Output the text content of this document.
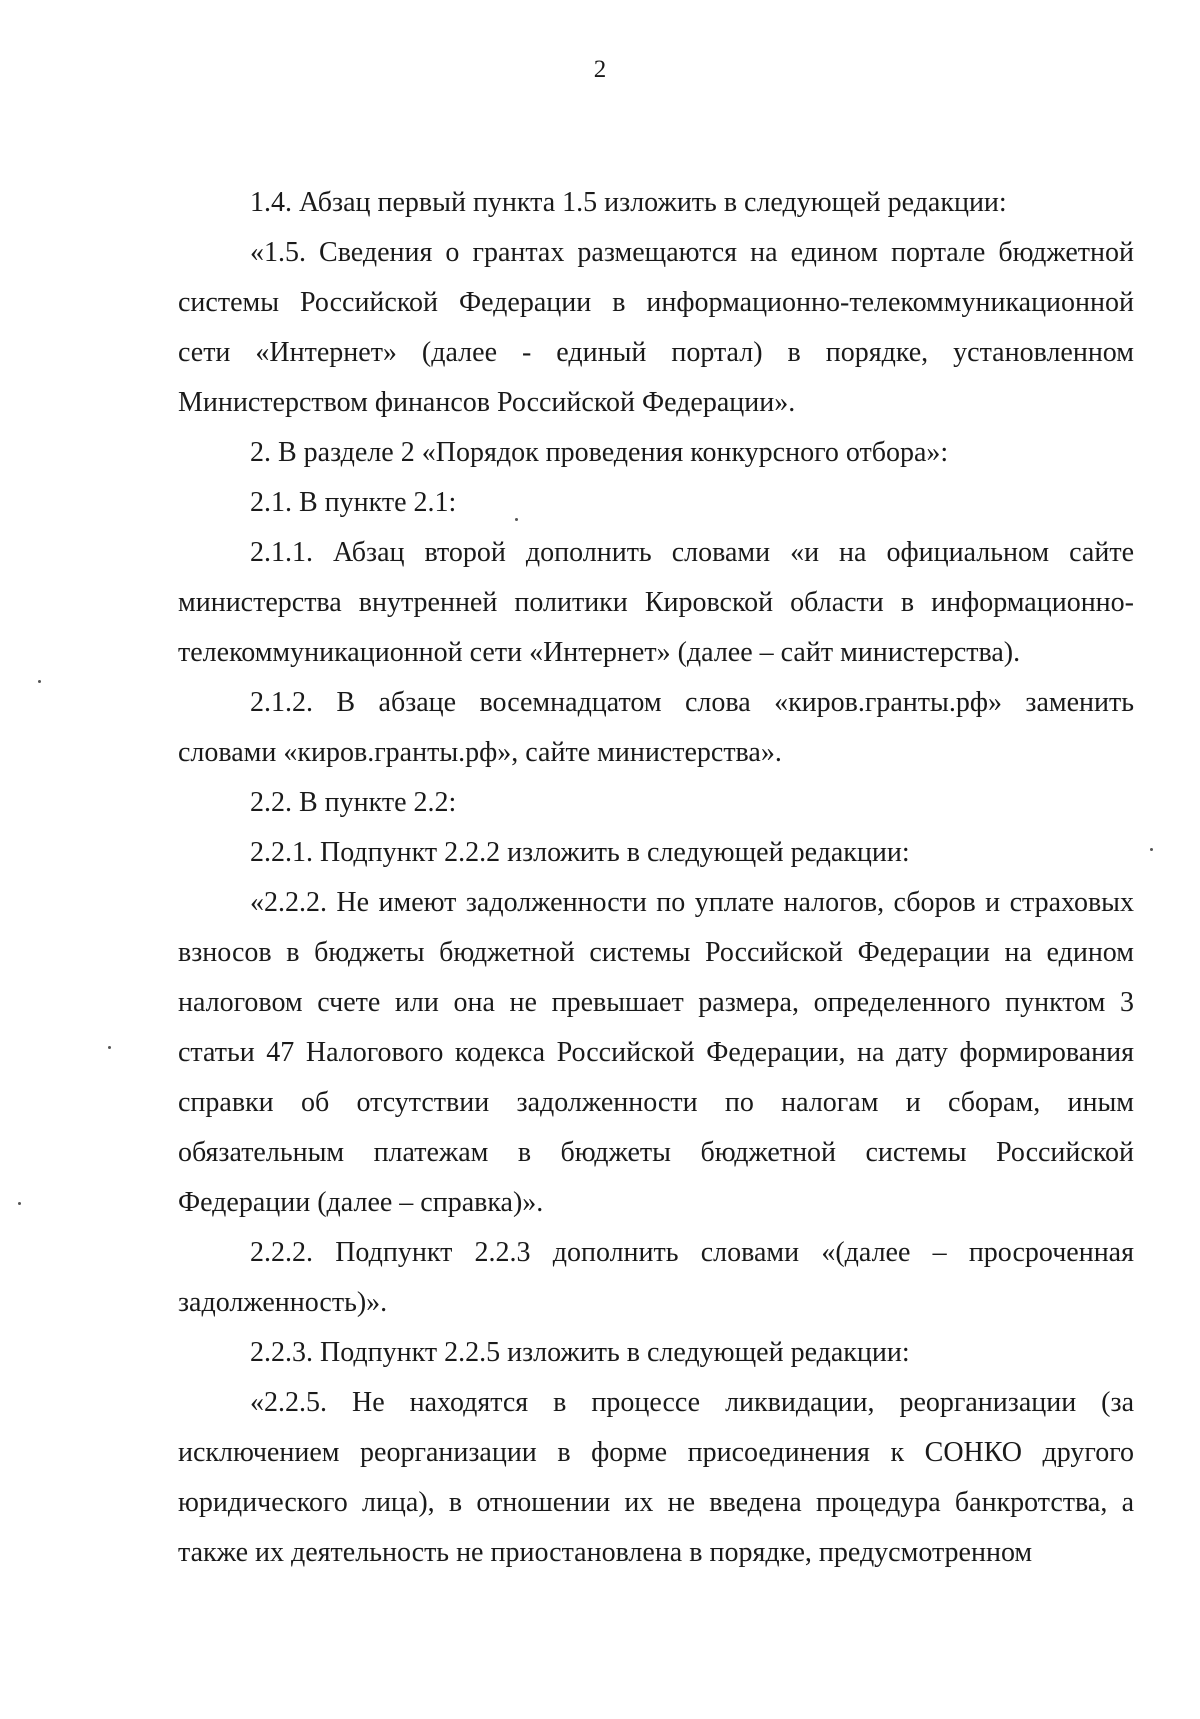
2

1.4. Абзац первый пункта 1.5 изложить в следующей редакции:

«1.5. Сведения о грантах размещаются на едином портале бюджетной системы Российской Федерации в информационно-телекоммуникационной сети «Интернет» (далее - единый портал) в порядке, установленном Министерством финансов Российской Федерации».

2. В разделе 2 «Порядок проведения конкурсного отбора»:

2.1. В пункте 2.1:

2.1.1. Абзац второй дополнить словами «и на официальном сайте министерства внутренней политики Кировской области в информационно-телекоммуникационной сети «Интернет» (далее – сайт министерства).

2.1.2. В абзаце восемнадцатом слова «киров.гранты.рф» заменить словами «киров.гранты.рф», сайте министерства».

2.2. В пункте 2.2:

2.2.1. Подпункт 2.2.2 изложить в следующей редакции:

«2.2.2. Не имеют задолженности по уплате налогов, сборов и страховых взносов в бюджеты бюджетной системы Российской Федерации на едином налоговом счете или она не превышает размера, определенного пунктом 3 статьи 47 Налогового кодекса Российской Федерации, на дату формирования справки об отсутствии задолженности по налогам и сборам, иным обязательным платежам в бюджеты бюджетной системы Российской Федерации (далее – справка)».

2.2.2. Подпункт 2.2.3 дополнить словами «(далее – просроченная задолженность)».

2.2.3. Подпункт 2.2.5 изложить в следующей редакции:

«2.2.5. Не находятся в процессе ликвидации, реорганизации (за исключением реорганизации в форме присоединения к СОНКО другого юридического лица), в отношении их не введена процедура банкротства, а также их деятельность не приостановлена в порядке, предусмотренном
